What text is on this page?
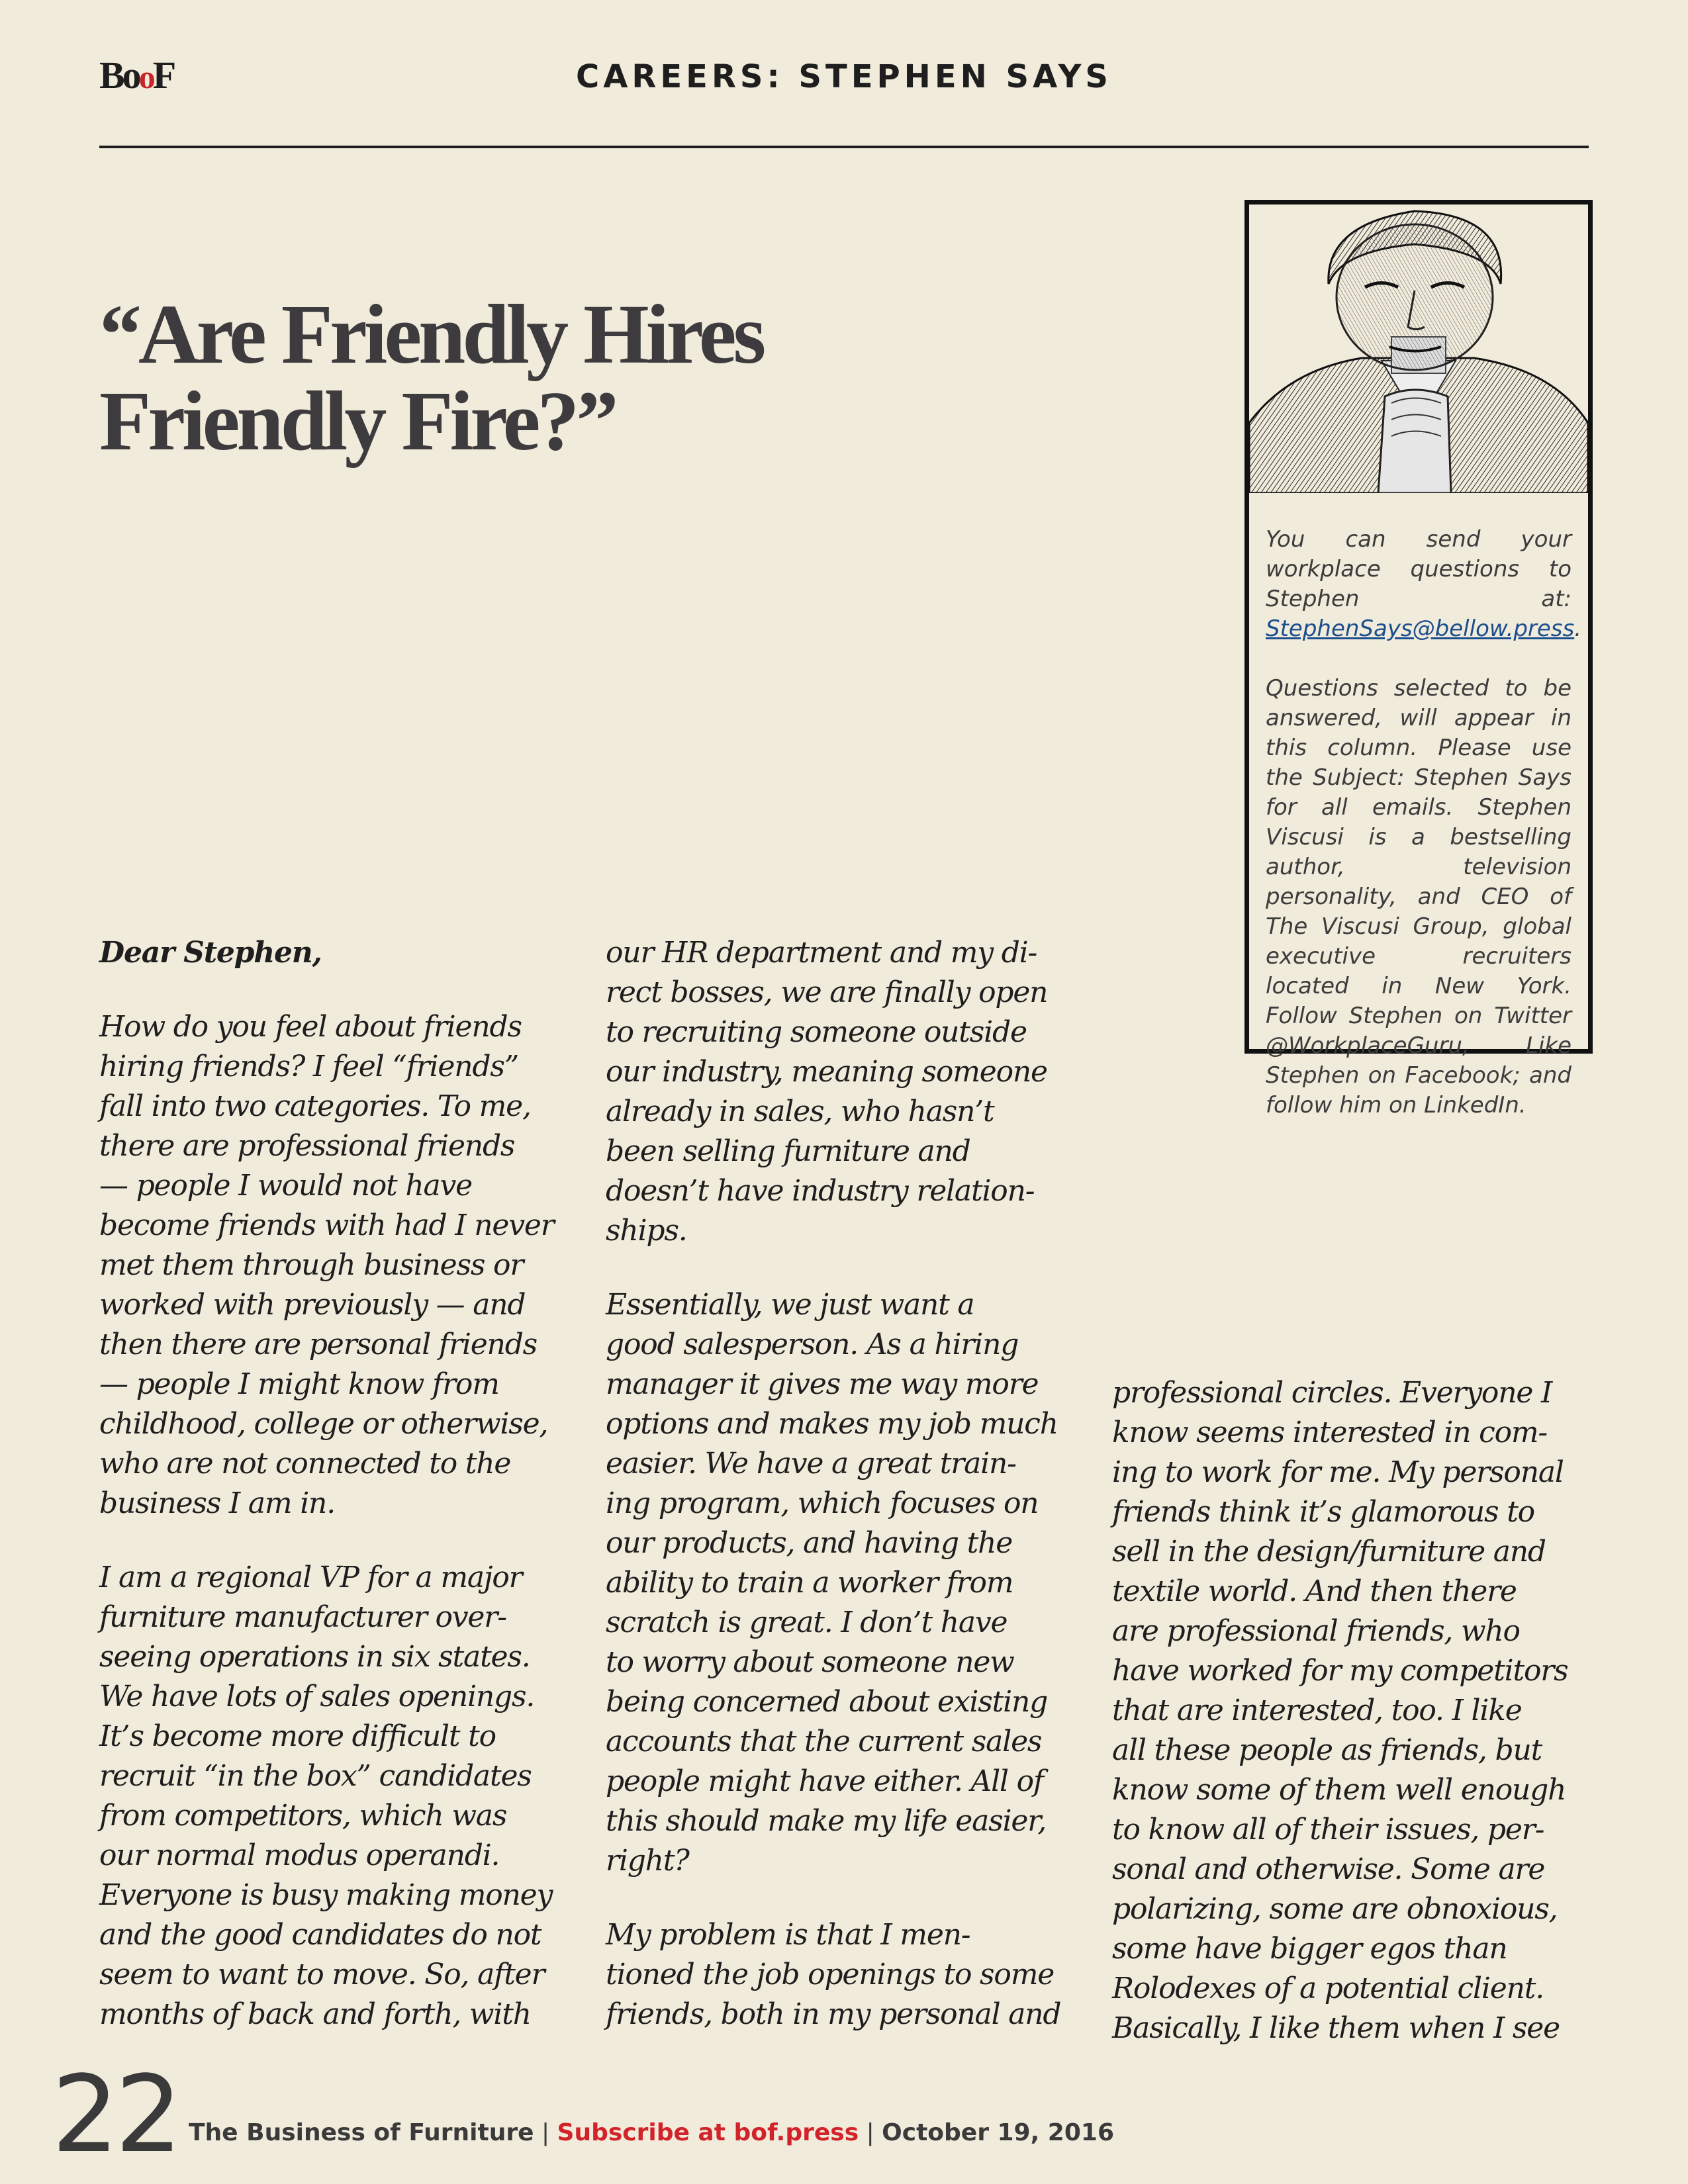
BooF	CAREERS: STEPHEN SAYS
“Are Friendly Hires
Friendly Fire?”

You can send your workplace questions to Stephen at: StephenSays@bellow.press.

Questions selected to be answered, will appear in this column. Please use the Subject: Stephen Says for all emails. Stephen Viscusi is a bestselling author, television personality, and CEO of The Viscusi Group, global executive recruiters located in New York. Follow Stephen on Twitter @WorkplaceGuru, Like Stephen on Facebook; and follow him on LinkedIn.

Dear Stephen,
How do you feel about friends
hiring friends? I feel “friends”
fall into two categories. To me,
there are professional friends
— people I would not have
become friends with had I never
met them through business or
worked with previously — and
then there are personal friends
— people I might know from
childhood, college or otherwise,
who are not connected to the
business I am in.
I am a regional VP for a major
furniture manufacturer over-
seeing operations in six states.
We have lots of sales openings.
It’s become more difficult to
recruit “in the box” candidates
from competitors, which was
our normal modus operandi.
Everyone is busy making money
and the good candidates do not
seem to want to move. So, after
months of back and forth, with
our HR department and my di-
rect bosses, we are finally open
to recruiting someone outside
our industry, meaning someone
already in sales, who hasn’t
been selling furniture and
doesn’t have industry relation-
ships.
Essentially, we just want a
good salesperson. As a hiring
manager it gives me way more
options and makes my job much
easier. We have a great train-
ing program, which focuses on
our products, and having the
ability to train a worker from
scratch is great. I don’t have
to worry about someone new
being concerned about existing
accounts that the current sales
people might have either. All of
this should make my life easier,
right?
My problem is that I men-
tioned the job openings to some
friends, both in my personal and
professional circles. Everyone I
know seems interested in com-
ing to work for me. My personal
friends think it’s glamorous to
sell in the design/furniture and
textile world. And then there
are professional friends, who
have worked for my competitors
that are interested, too. I like
all these people as friends, but
know some of them well enough
to know all of their issues, per-
sonal and otherwise. Some are
polarizing, some are obnoxious,
some have bigger egos than
Rolodexes of a potential client.
Basically, I like them when I see
22 The Business of Furniture | Subscribe at bof.press | October 19, 2016
